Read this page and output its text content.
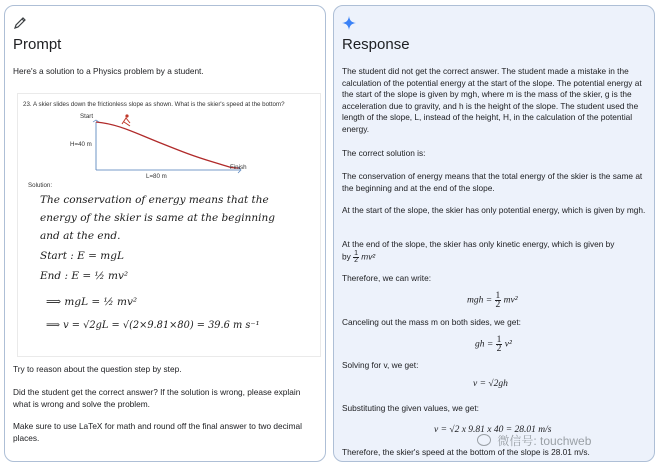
Prompt
Here's a solution to a Physics problem by a student.
23. A skier slides down the frictionless slope as shown. What is the skier's speed at the bottom?
Start
H=40 m
L=80 m
Finish
Solution:
The conservation of energy means that the
energy of the skier is same at the beginning
and at the end.
Start : E = mgL
End : E = ½ mv²
⟹ mgL = ½ mv²
⟹ v = √2gL = √(2×9.81×80) = 39.6 m s⁻¹
Try to reason about the question step by step.
Did the student get the correct answer? If the solution is wrong, please explain what is wrong and solve the problem.
Make sure to use LaTeX for math and round off the final answer to two decimal places.
Response
The student did not get the correct answer. The student made a mistake in the calculation of the potential energy at the start of the slope. The potential energy at the start of the slope is given by mgh, where m is the mass of the skier, g is the acceleration due to gravity, and h is the height of the slope. The student used the length of the slope, L, instead of the height, H, in the calculation of the potential energy.
The correct solution is:
The conservation of energy means that the total energy of the skier is the same at the beginning and at the end of the slope.
At the start of the slope, the skier has only potential energy, which is given by mgh.
At the end of the slope, the skier has only kinetic energy, which is given by
by $\frac{1}{2} mv^2$
Therefore, we can write:
mgh = $\frac{1}{2} mv^2$
Canceling out the mass m on both sides, we get:
gh = $\frac{1}{2} v^2$
Solving for v, we get:
v = √2gh
Substituting the given values, we get:
v = √2 x 9.81 x 40 = 28.01 m/s
Therefore, the skier's speed at the bottom of the slope is 28.01 m/s.
微信号: touchweb
